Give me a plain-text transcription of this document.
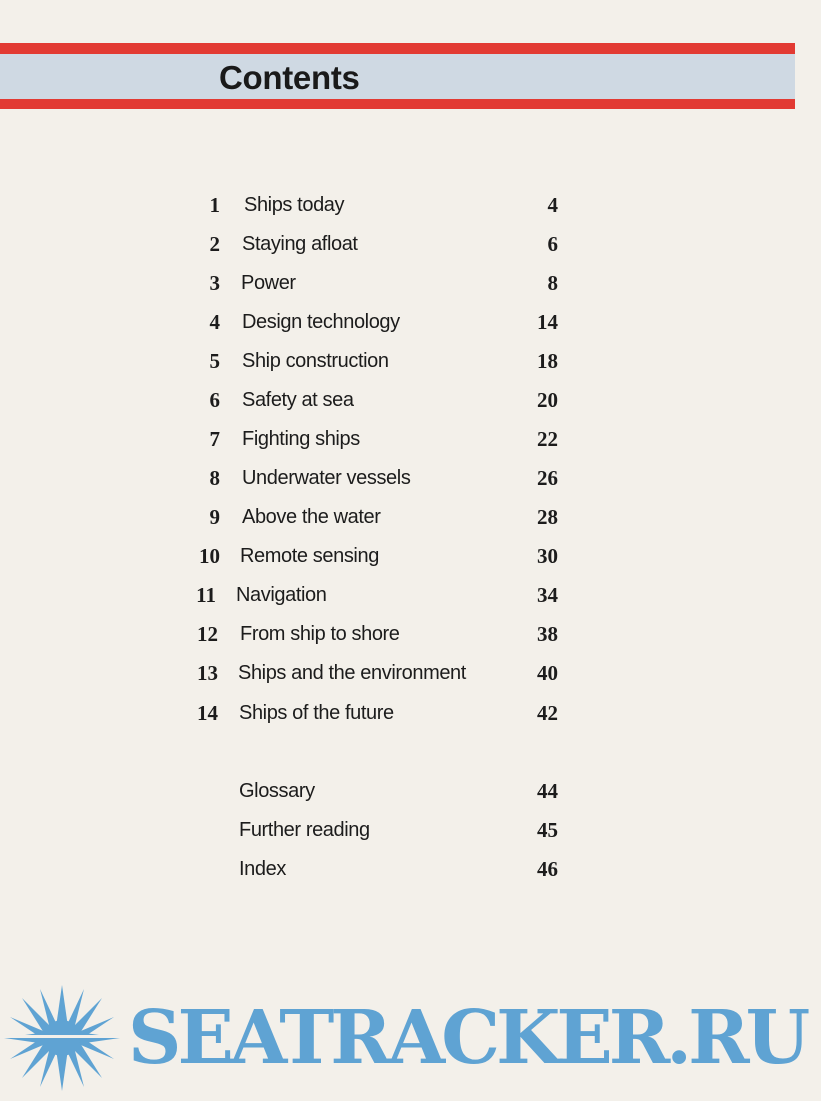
Contents
1 Ships today	4
2 Staying afloat	6
3 Power	8
4 Design technology	14
5 Ship construction	18
6 Safety at sea	20
7 Fighting ships	22
8 Underwater vessels	26
9 Above the water	28
10 Remote sensing	30
11 Navigation	34
12 From ship to shore	38
13 Ships and the environment	40
14 Ships of the future	42
Glossary	44
Further reading	45
Index	46
SEATRACKER.RU
